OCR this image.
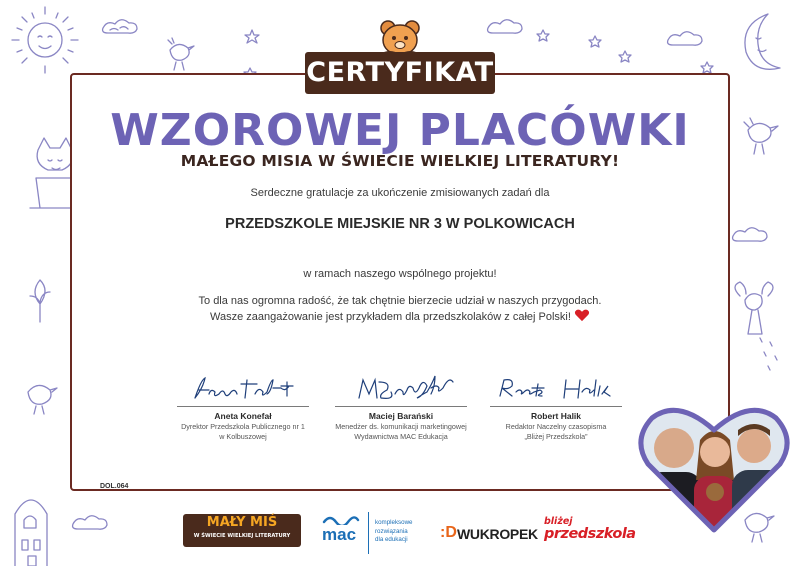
CERTYFIKAT
WZOROWEJ PLACÓWKI
MAŁEGO MISIA W ŚWIECIE WIELKIEJ LITERATURY!
Serdeczne gratulacje za ukończenie zmisiowanych zadań dla
PRZEDSZKOLE MIEJSKIE NR 3 W POLKOWICACH
w ramach naszego wspólnego projektu!
To dla nas ogromna radość, że tak chętnie bierzecie udział w naszych przygodach.
Wasze zaangażowanie jest przykładem dla przedszkolaków z całej Polski!
Aneta Konefał
Dyrektor Przedszkola Publicznego nr 1
w Kolbuszowej
Maciej Barański
Menedżer ds. komunikacji marketingowej
Wydawnictwa MAC Edukacja
Robert Halik
Redaktor Naczelny czasopisma
„Bliżej Przedszkola”
DOL.064
MAŁY MIŚ
W ŚWIECIE WIELKIEJ LITERATURY	mac
kompleksowe
rozwiązania
dla edukacji	:D WUKROPEK
bliżej
przedszkola
